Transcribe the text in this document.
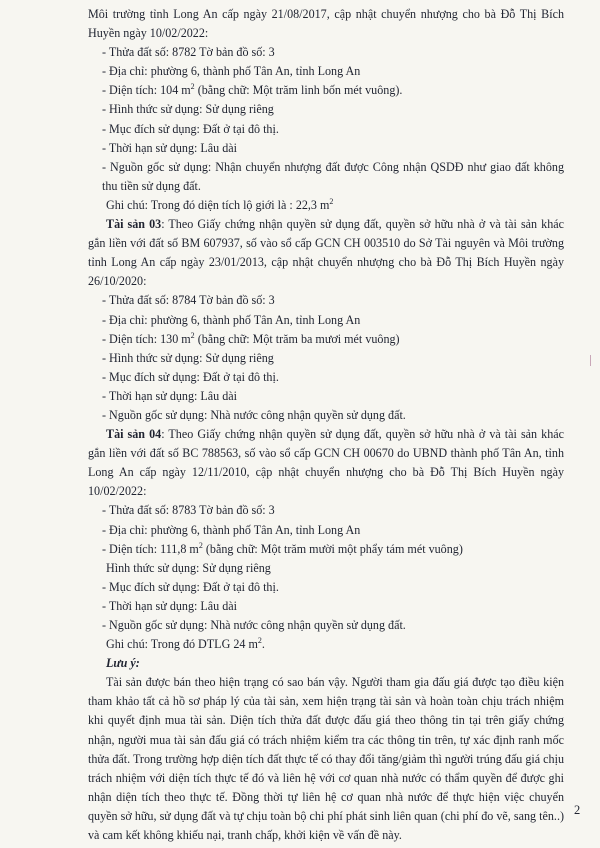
Môi trường tỉnh Long An cấp ngày 21/08/2017, cập nhật chuyển nhượng cho bà Đỗ Thị Bích Huyền ngày 10/02/2022:

- Thửa đất số: 8782 Tờ bản đồ số: 3

- Địa chỉ: phường 6, thành phố Tân An, tỉnh Long An

- Diện tích: 104 $m^2$ (bằng chữ: Một trăm linh bốn mét vuông).

- Hình thức sử dụng: Sử dụng riêng

- Mục đích sử dụng: Đất ở tại đô thị.

- Thời hạn sử dụng: Lâu dài

- Nguồn gốc sử dụng: Nhận chuyển nhượng đất được Công nhận QSDĐ như giao đất không thu tiền sử dụng đất.

Ghi chú: Trong đó diện tích lộ giới là : 22,3 $m^2$

Tài sản 03: Theo Giấy chứng nhận quyền sử dụng đất, quyền sở hữu nhà ở và tài sản khác gắn liền với đất số BM 607937, số vào sổ cấp GCN CH 003510 do Sở Tài nguyên và Môi trường tỉnh Long An cấp ngày 23/01/2013, cập nhật chuyển nhượng cho bà Đỗ Thị Bích Huyền ngày 26/10/2020:

- Thửa đất số: 8784 Tờ bản đồ số: 3

- Địa chỉ: phường 6, thành phố Tân An, tỉnh Long An

- Diện tích: 130 $m^2$ (bằng chữ: Một trăm ba mươi mét vuông)

- Hình thức sử dụng: Sử dụng riêng

- Mục đích sử dụng: Đất ở tại đô thị.

- Thời hạn sử dụng: Lâu dài

- Nguồn gốc sử dụng: Nhà nước công nhận quyền sử dụng đất.

Tài sản 04: Theo Giấy chứng nhận quyền sử dụng đất, quyền sở hữu nhà ở và tài sản khác gắn liền với đất số BC 788563, số vào sổ cấp GCN CH 00670 do UBND thành phố Tân An, tỉnh Long An cấp ngày 12/11/2010, cập nhật chuyển nhượng cho bà Đỗ Thị Bích Huyền ngày 10/02/2022:

- Thửa đất số: 8783 Tờ bản đồ số: 3

- Địa chỉ: phường 6, thành phố Tân An, tỉnh Long An

- Diện tích: 111,8 $m^2$ (bằng chữ: Một trăm mười một phẩy tám mét vuông)

Hình thức sử dụng: Sử dụng riêng

- Mục đích sử dụng: Đất ở tại đô thị.

- Thời hạn sử dụng: Lâu dài

- Nguồn gốc sử dụng: Nhà nước công nhận quyền sử dụng đất.

Ghi chú: Trong đó DTLG 24 $m^2$.

Lưu ý:

Tài sản được bán theo hiện trạng có sao bán vậy. Người tham gia đấu giá được tạo điều kiện tham khảo tất cả hồ sơ pháp lý của tài sản, xem hiện trạng tài sản và hoàn toàn chịu trách nhiệm khi quyết định mua tài sản. Diện tích thửa đất được đấu giá theo thông tin tại trên giấy chứng nhận, người mua tài sản đấu giá có trách nhiệm kiểm tra các thông tin trên, tự xác định ranh mốc thửa đất. Trong trường hợp diện tích đất thực tế có thay đổi tăng/giảm thì người trúng đấu giá chịu trách nhiệm với diện tích thực tế đó và liên hệ với cơ quan nhà nước có thẩm quyền để được ghi nhận diện tích theo thực tế. Đồng thời tự liên hệ cơ quan nhà nước để thực hiện việc chuyển quyền sở hữu, sử dụng đất và tự chịu toàn bộ chi phí phát sinh liên quan (chi phí đo vẽ, sang tên..) và cam kết không khiếu nại, tranh chấp, khởi kiện về vấn đề này.

2
